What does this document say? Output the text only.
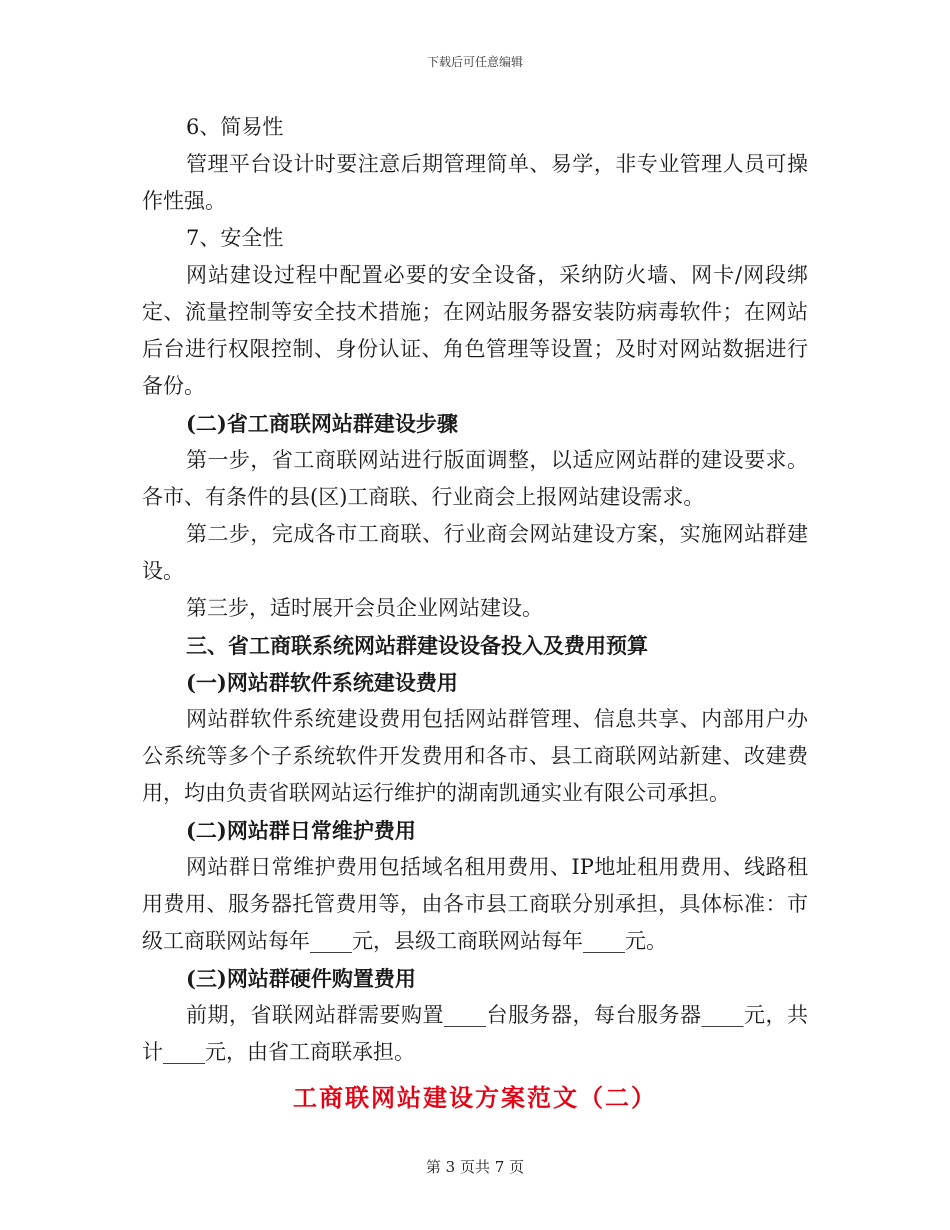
下载后可任意编辑

6、简易性

管理平台设计时要注意后期管理简单、易学，非专业管理人员可操作性强。

7、安全性

网站建设过程中配置必要的安全设备，采纳防火墙、网卡/网段绑定、流量控制等安全技术措施；在网站服务器安装防病毒软件；在网站后台进行权限控制、身份认证、角色管理等设置；及时对网站数据进行备份。

(二)省工商联网站群建设步骤

第一步，省工商联网站进行版面调整，以适应网站群的建设要求。各市、有条件的县(区)工商联、行业商会上报网站建设需求。

第二步，完成各市工商联、行业商会网站建设方案，实施网站群建设。

第三步，适时展开会员企业网站建设。

三、省工商联系统网站群建设设备投入及费用预算

(一)网站群软件系统建设费用

网站群软件系统建设费用包括网站群管理、信息共享、内部用户办公系统等多个子系统软件开发费用和各市、县工商联网站新建、改建费用，均由负责省联网站运行维护的湖南凯通实业有限公司承担。

(二)网站群日常维护费用

网站群日常维护费用包括域名租用费用、IP地址租用费用、线路租用费用、服务器托管费用等，由各市县工商联分别承担，具体标准：市级工商联网站每年____元，县级工商联网站每年____元。

(三)网站群硬件购置费用

前期，省联网站群需要购置____台服务器，每台服务器____元，共计____元，由省工商联承担。

工商联网站建设方案范文（二）
第 3 页共 7 页
